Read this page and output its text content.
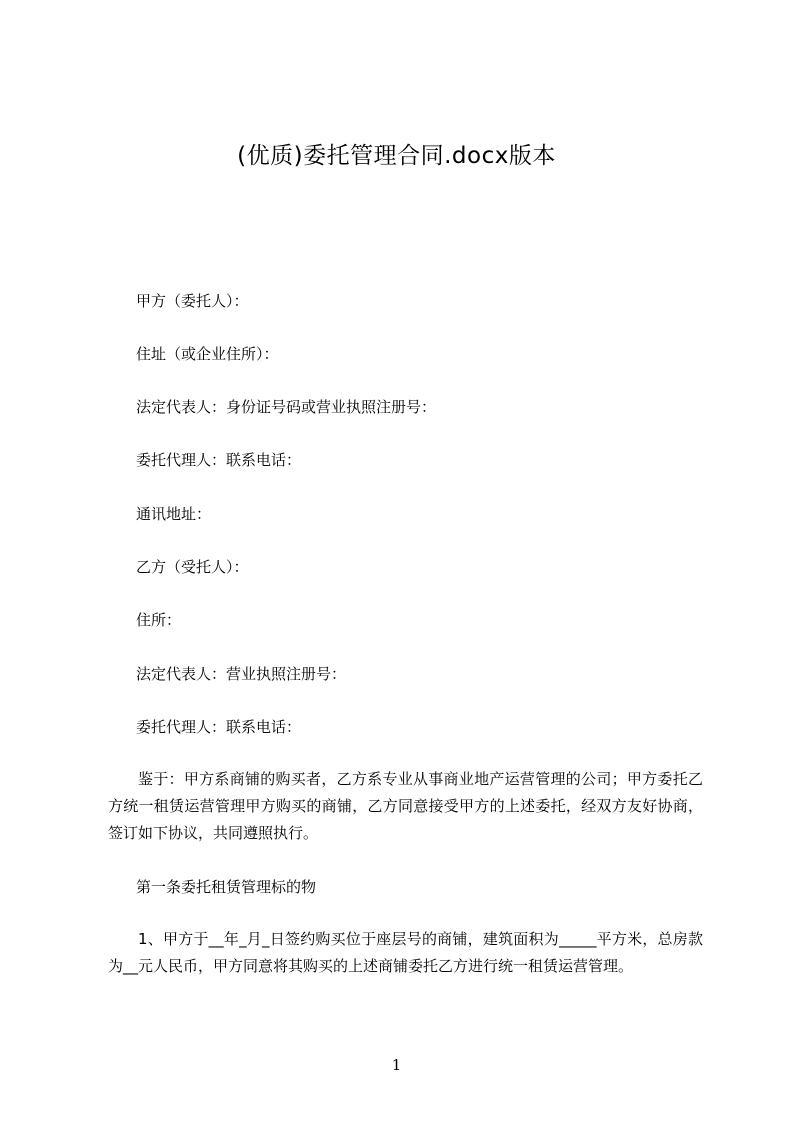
(优质)委托管理合同.docx版本
甲方（委托人）：
住址（或企业住所）：
法定代表人：身份证号码或营业执照注册号：
委托代理人：联系电话：
通讯地址：
乙方（受托人）：
住所：
法定代表人：营业执照注册号：
委托代理人：联系电话：
鉴于：甲方系商铺的购买者，乙方系专业从事商业地产运营管理的公司；甲方委托乙方统一租赁运营管理甲方购买的商铺，乙方同意接受甲方的上述委托，经双方友好协商，签订如下协议，共同遵照执行。
第一条委托租赁管理标的物
1、甲方于__年_月_日签约购买位于座层号的商铺，建筑面积为_____平方米，总房款为__元人民币，甲方同意将其购买的上述商铺委托乙方进行统一租赁运营管理。
1
